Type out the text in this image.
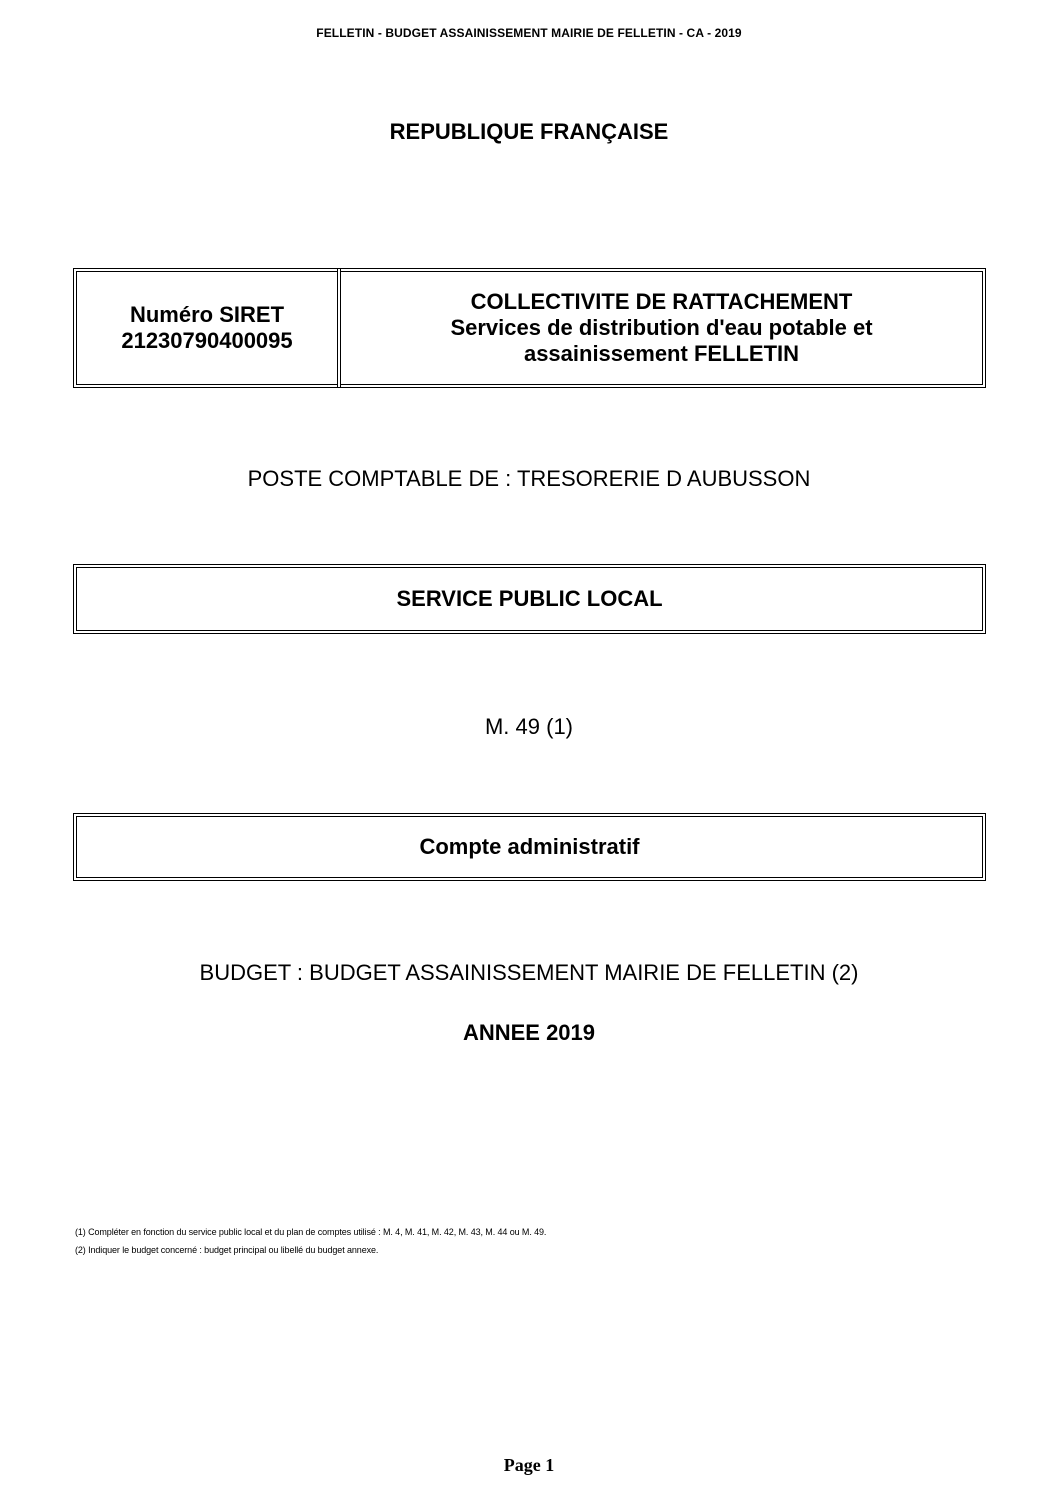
FELLETIN - BUDGET ASSAINISSEMENT MAIRIE DE FELLETIN - CA - 2019
REPUBLIQUE FRANÇAISE
Numéro SIRET
21230790400095
COLLECTIVITE DE RATTACHEMENT
Services de distribution d'eau potable et
assainissement FELLETIN
POSTE COMPTABLE DE : TRESORERIE D AUBUSSON
SERVICE PUBLIC LOCAL
M. 49 (1)
Compte administratif
BUDGET : BUDGET ASSAINISSEMENT MAIRIE DE FELLETIN (2)
ANNEE 2019
(1) Compléter en fonction du service public local et du plan de comptes utilisé : M. 4, M. 41, M. 42, M. 43, M. 44 ou M. 49.
(2) Indiquer le budget concerné : budget principal ou libellé du budget annexe.
Page 1
